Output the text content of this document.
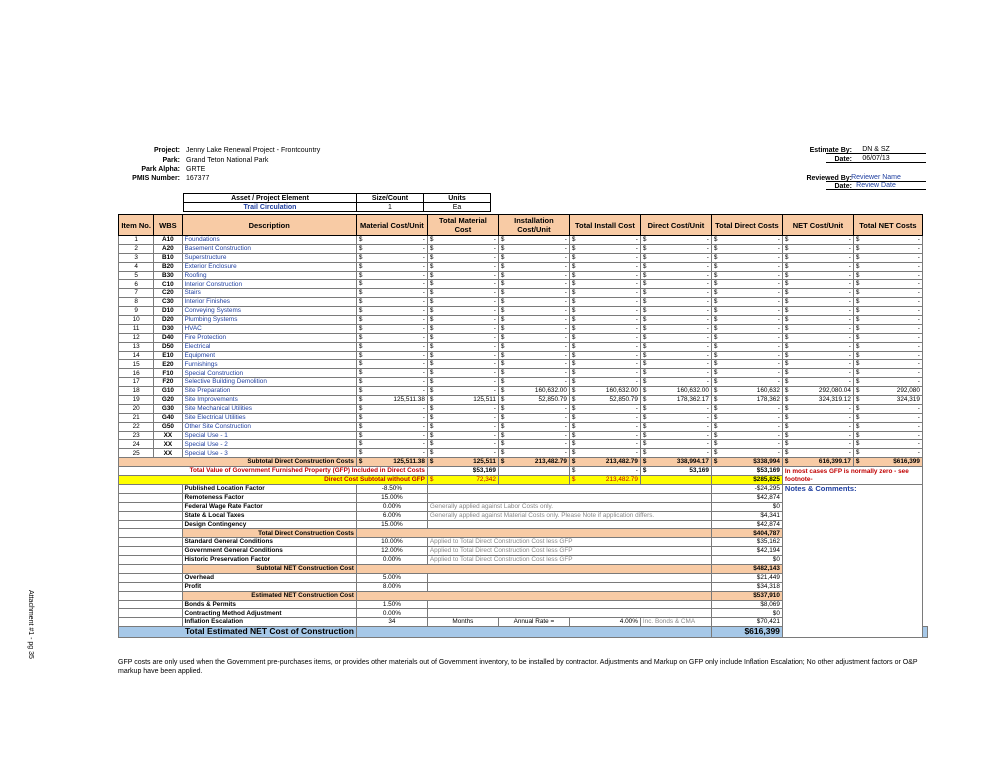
Attachment #1 - pg 35
Project: Jenny Lake Renewal Project - Frontcountry
Park: Grand Teton National Park
Park Alpha: GRTE
PMIS Number: 167377
Estimate By:	DN & SZ
Date:	06/07/13
Reviewed By: Reviewer Name
Date: Review Date
Asset / Project Element	Size/Count	Units
Trail Circulation	1	Ea
Item No.	WBS	Description	Material Cost/Unit	Total Material Cost	Installation Cost/Unit	Total Install Cost	Direct Cost/Unit	Total Direct Costs	NET Cost/Unit	Total NET Costs	
1	A10	Foundations	$ -	$ -	$ -	$ -	$ -	$ -	$ -	$ -	

2	A20	Basement Construction	$ -	$ -	$ -	$ -	$ -	$ -	$ -	$ -	

3	B10	Superstructure	$ -	$ -	$ -	$ -	$ -	$ -	$ -	$ -	

4	B20	Exterior Enclosure	$ -	$ -	$ -	$ -	$ -	$ -	$ -	$ -	

5	B30	Roofing	$ -	$ -	$ -	$ -	$ -	$ -	$ -	$ -	

6	C10	Interior Construction	$ -	$ -	$ -	$ -	$ -	$ -	$ -	$ -	

7	C20	Stairs	$ -	$ -	$ -	$ -	$ -	$ -	$ -	$ -	

8	C30	Interior Finishes	$ -	$ -	$ -	$ -	$ -	$ -	$ -	$ -	

9	D10	Conveying Systems	$ -	$ -	$ -	$ -	$ -	$ -	$ -	$ -	

10	D20	Plumbing Systems	$ -	$ -	$ -	$ -	$ -	$ -	$ -	$ -	

11	D30	HVAC	$ -	$ -	$ -	$ -	$ -	$ -	$ -	$ -	

12	D40	Fire Protection	$ -	$ -	$ -	$ -	$ -	$ -	$ -	$ -	

13	D50	Electrical	$ -	$ -	$ -	$ -	$ -	$ -	$ -	$ -	

14	E10	Equipment	$ -	$ -	$ -	$ -	$ -	$ -	$ -	$ -	

15	E20	Furnishings	$ -	$ -	$ -	$ -	$ -	$ -	$ -	$ -	

16	F10	Special Construction	$ -	$ -	$ -	$ -	$ -	$ -	$ -	$ -	

17	F20	Selective Building Demolition	$ -	$ -	$ -	$ -	$ -	$ -	$ -	$ -	

18	G10	Site Preparation	$ -	$ -	$ 160,632.00	$ 160,632.00	$ 160,632.00	$ 160,632	$ 292,080.04	$ 292,080	

19	G20	Site Improvements	$ 125,511.38	$ 125,511	$ 52,850.79	$ 52,850.79	$ 178,362.17	$ 178,362	$ 324,319.12	$ 324,319	

20	G30	Site Mechanical Utilities	$ -	$ -	$ -	$ -	$ -	$ -	$ -	$ -	

21	G40	Site Electrical Utilities	$ -	$ -	$ -	$ -	$ -	$ -	$ -	$ -	

22	G50	Other Site Construction	$ -	$ -	$ -	$ -	$ -	$ -	$ -	$ -	

23	XX	Special Use - 1	$ -	$ -	$ -	$ -	$ -	$ -	$ -	$ -	

24	XX	Special Use - 2	$ -	$ -	$ -	$ -	$ -	$ -	$ -	$ -	

25	XX	Special Use - 3	$ -	$ -	$ -	$ -	$ -	$ -	$ -	$ -	

Subtotal Direct Construction Costs			$ 125,511.38	$ 125,511	$ 213,482.79	$ 213,482.79	$ 338,994.17	$ $338,994	$ 616,399.17	$ $616,399	

Total Value of Government Furnished Property (GFP) Included in Direct Costs				$53,169		$ -	$ 53,169	$53,169	In most cases GFP is normally zero - see footnote-		
Direct Cost Subtotal without GFP				$ 72,342		$ 213,482.79		$285,825			
		Published Location Factor	-8.50%					-$24,295	Notes & Comments:		
		Remoteness Factor	15.00%					$42,874			
		Federal Wage Rate Factor	0.00%	Generally applied against Labor Costs only.				$0			
		State & Local Taxes	6.00%	Generally applied against Material Costs only. Please Note if application differs.				$4,341			
		Design Contingency	15.00%					$42,874			
		Total Direct Construction Costs						$404,787			
		Standard General Conditions	10.00%	Applied to Total Direct Construction Cost less GFP				$35,162			
		Government General Conditions	12.00%	Applied to Total Direct Construction Cost less GFP				$42,194			
		Historic Preservation Factor	0.00%	Applied to Total Direct Construction Cost less GFP				$0			
		Subtotal NET Construction Cost						$482,143			
		Overhead	5.00%					$21,449			
		Profit	8.00%					$34,318			
		Estimated NET Construction Cost						$537,910			
		Bonds & Permits	1.50%					$8,069			
		Contracting Method Adjustment	0.00%					$0			
		Inflation Escalation	34	Months	Annual Rate =	4.00%	Inc. Bonds & CMA	$70,421			
Total Estimated NET Cost of Construction								$616,399			
GFP costs are only used when the Government pre-purchases items, or provides other materials out of Government inventory, to be installed by contractor. Adjustments and Markup on GFP only include Inflation Escalation; No other adjustment factors or O&P markup have been applied.
